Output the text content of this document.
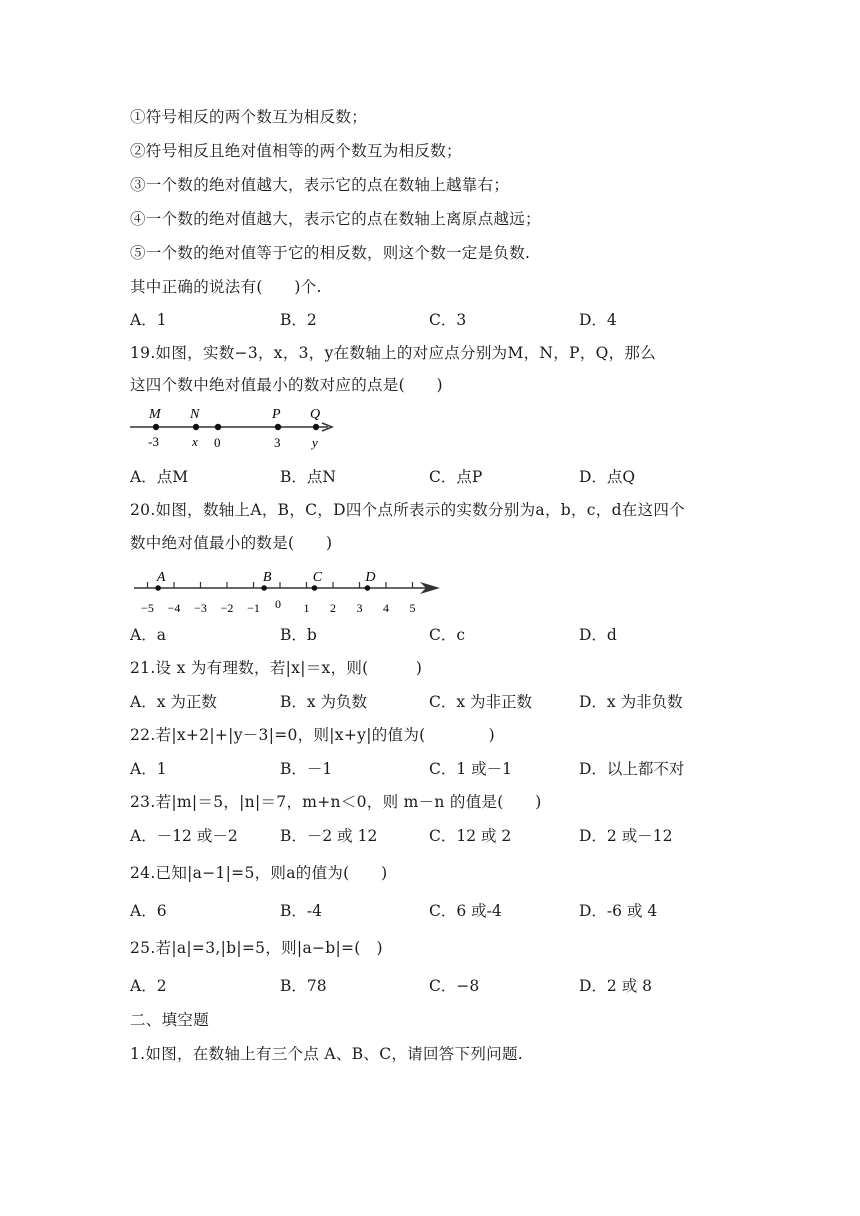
①符号相反的两个数互为相反数；
②符号相反且绝对值相等的两个数互为相反数；
③一个数的绝对值越大，表示它的点在数轴上越靠右；
④一个数的绝对值越大，表示它的点在数轴上离原点越远；
⑤一个数的绝对值等于它的相反数，则这个数一定是负数.
其中正确的说法有(　　)个.
A．1	B．2	C．3	D．4
19.如图，实数−3，x，3，y在数轴上的对应点分别为M，N，P，Q，那么
这四个数中绝对值最小的数对应的点是(　　)
M
-3
N
x 0
P
3
Q
y
A．点M	B．点N	C．点P	D．点Q
20.如图，数轴上A，B，C，D四个点所表示的实数分别为a，b，c，d在这四个
数中绝对值最小的数是(　　)
−5 −4 −3 −2 −1 0 1 2 3 4 5
A	B	C	D
A．a	B．b	C．c	D．d
21.设 x 为有理数，若|x|＝x，则(　　　)
A．x 为正数	B．x 为负数	C．x 为非正数	D．x 为非负数
22.若|x+2|+|y－3|=0，则|x+y|的值为(　　　　)
A．1	B．－1	C．1 或－1	D．以上都不对
23.若|m|＝5，|n|＝7，m+n＜0，则 m－n 的值是(　　)
A．－12 或－2	B．－2 或 12	C．12 或 2	D．2 或－12
24.已知|a−1|=5，则a的值为(　　)
A．6	B．-4	C．6 或-4	D．-6 或 4
25.若|a|=3,|b|=5，则|a−b|=(　)
A．2	B．78	C．−8	D．2 或 8
二、填空题
1.如图，在数轴上有三个点 A、B、C，请回答下列问题.
